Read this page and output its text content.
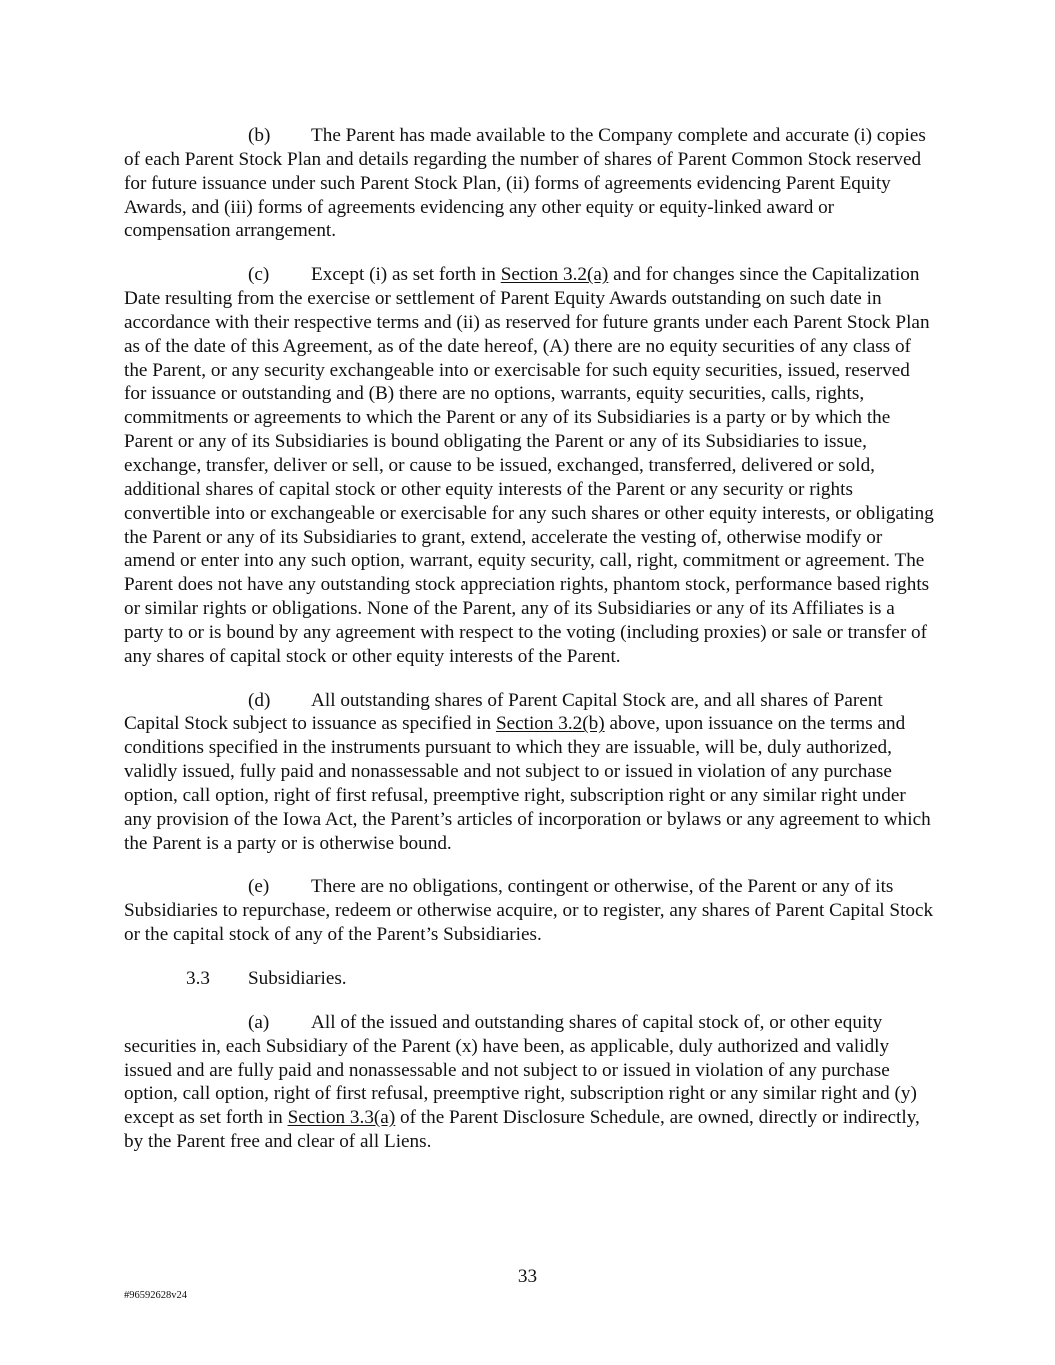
(b) The Parent has made available to the Company complete and accurate (i) copies of each Parent Stock Plan and details regarding the number of shares of Parent Common Stock reserved for future issuance under such Parent Stock Plan, (ii) forms of agreements evidencing Parent Equity Awards, and (iii) forms of agreements evidencing any other equity or equity-linked award or compensation arrangement.

(c) Except (i) as set forth in Section 3.2(a) and for changes since the Capitalization Date resulting from the exercise or settlement of Parent Equity Awards outstanding on such date in accordance with their respective terms and (ii) as reserved for future grants under each Parent Stock Plan as of the date of this Agreement, as of the date hereof, (A) there are no equity securities of any class of the Parent, or any security exchangeable into or exercisable for such equity securities, issued, reserved for issuance or outstanding and (B) there are no options, warrants, equity securities, calls, rights, commitments or agreements to which the Parent or any of its Subsidiaries is a party or by which the Parent or any of its Subsidiaries is bound obligating the Parent or any of its Subsidiaries to issue, exchange, transfer, deliver or sell, or cause to be issued, exchanged, transferred, delivered or sold, additional shares of capital stock or other equity interests of the Parent or any security or rights convertible into or exchangeable or exercisable for any such shares or other equity interests, or obligating the Parent or any of its Subsidiaries to grant, extend, accelerate the vesting of, otherwise modify or amend or enter into any such option, warrant, equity security, call, right, commitment or agreement. The Parent does not have any outstanding stock appreciation rights, phantom stock, performance based rights or similar rights or obligations. None of the Parent, any of its Subsidiaries or any of its Affiliates is a party to or is bound by any agreement with respect to the voting (including proxies) or sale or transfer of any shares of capital stock or other equity interests of the Parent.

(d) All outstanding shares of Parent Capital Stock are, and all shares of Parent Capital Stock subject to issuance as specified in Section 3.2(b) above, upon issuance on the terms and conditions specified in the instruments pursuant to which they are issuable, will be, duly authorized, validly issued, fully paid and nonassessable and not subject to or issued in violation of any purchase option, call option, right of first refusal, preemptive right, subscription right or any similar right under any provision of the Iowa Act, the Parent’s articles of incorporation or bylaws or any agreement to which the Parent is a party or is otherwise bound.

(e) There are no obligations, contingent or otherwise, of the Parent or any of its Subsidiaries to repurchase, redeem or otherwise acquire, or to register, any shares of Parent Capital Stock or the capital stock of any of the Parent’s Subsidiaries.

3.3 Subsidiaries.

(a) All of the issued and outstanding shares of capital stock of, or other equity securities in, each Subsidiary of the Parent (x) have been, as applicable, duly authorized and validly issued and are fully paid and nonassessable and not subject to or issued in violation of any purchase option, call option, right of first refusal, preemptive right, subscription right or any similar right and (y) except as set forth in Section 3.3(a) of the Parent Disclosure Schedule, are owned, directly or indirectly, by the Parent free and clear of all Liens.

33
#96592628v24
